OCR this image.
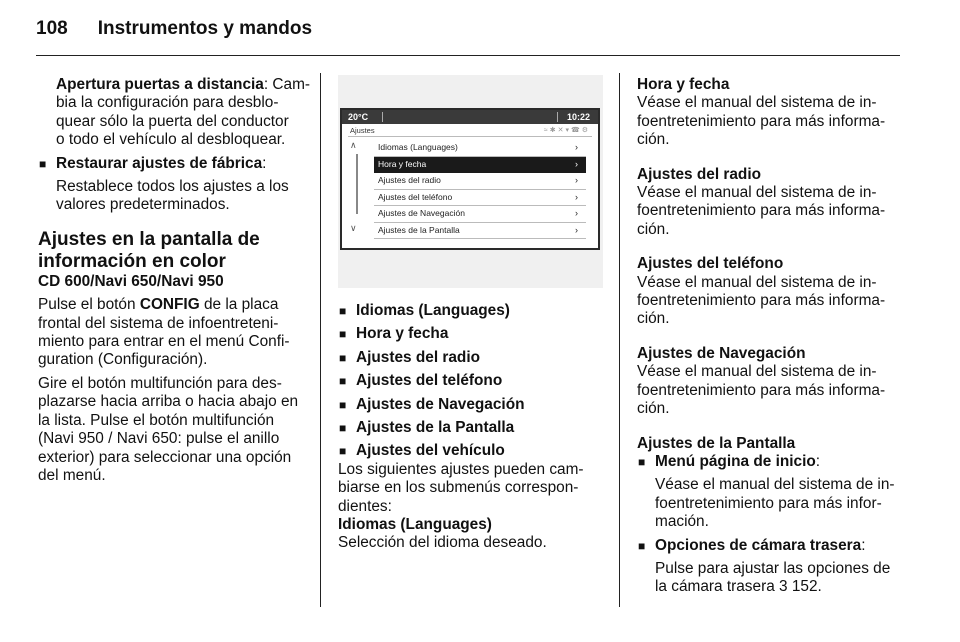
108 Instrumentos y mandos

Apertura puertas a distancia: Cam-

bia la configuración para desblo-

quear sólo la puerta del conductor

o todo el vehículo al desbloquear.

■ Restaurar ajustes de fábrica:

Restablece todos los ajustes a los

valores predeterminados.

Ajustes en la pantalla de

información en color

CD 600/Navi 650/Navi 950

Pulse el botón CONFIG de la placa

frontal del sistema de infoentreteni-

miento para entrar en el menú Confi-

guration (Configuración).

Gire el botón multifunción para des-

plazarse hacia arriba o hacia abajo en

la lista. Pulse el botón multifunción

(Navi 950 / Navi 650: pulse el anillo

exterior) para seleccionar una opción

del menú.

20°C	10:22
Ajustes	≈✱✕▾☎⚙
∧
∨
Idiomas (Languages)	›
Hora y fecha	›
Ajustes del radio	›
Ajustes del teléfono	›
Ajustes de Navegación	›
Ajustes de la Pantalla	›
■ Idiomas (Languages)
■ Hora y fecha
■ Ajustes del radio
■ Ajustes del teléfono
■ Ajustes de Navegación
■ Ajustes de la Pantalla
■ Ajustes del vehículo

Los siguientes ajustes pueden cam-

biarse en los submenús correspon-

dientes:

Idiomas (Languages)

Selección del idioma deseado.

Hora y fecha

Véase el manual del sistema de in-

foentretenimiento para más informa-

ción.

Ajustes del radio

Véase el manual del sistema de in-

foentretenimiento para más informa-

ción.

Ajustes del teléfono

Véase el manual del sistema de in-

foentretenimiento para más informa-

ción.

Ajustes de Navegación

Véase el manual del sistema de in-

foentretenimiento para más informa-

ción.

Ajustes de la Pantalla

■ Menú página de inicio:

Véase el manual del sistema de in-

foentretenimiento para más infor-

mación.

■ Opciones de cámara trasera:

Pulse para ajustar las opciones de

la cámara trasera 3 152.
